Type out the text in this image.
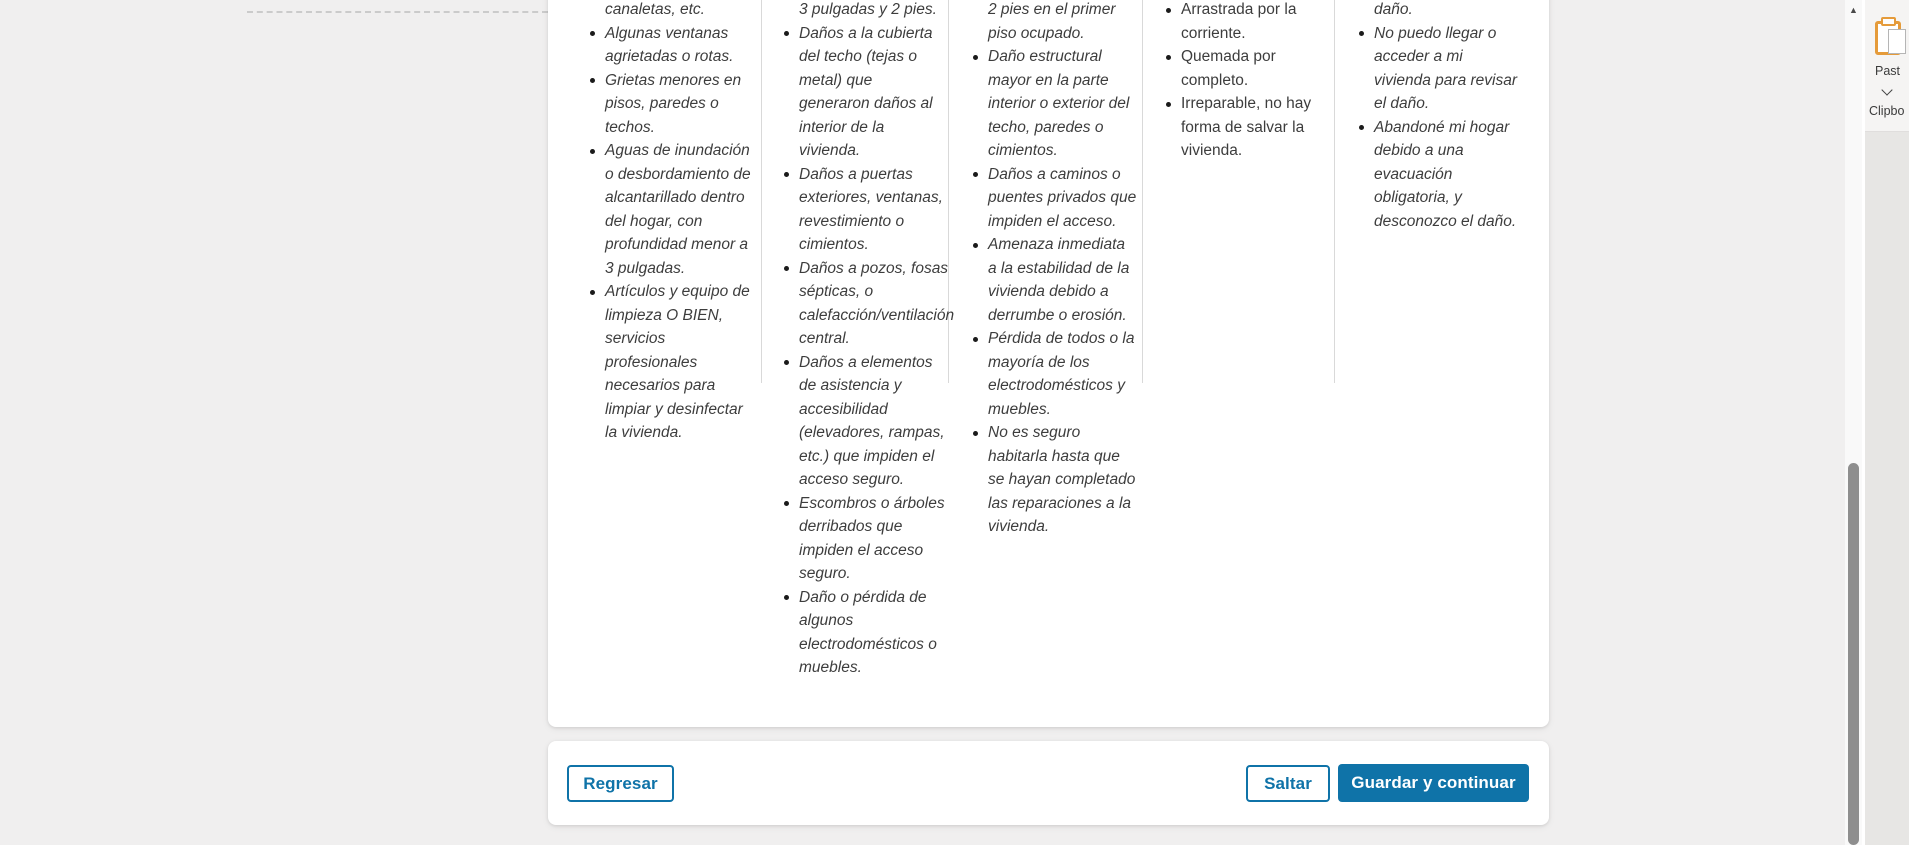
canaletas, etc.
Algunas ventanas
agrietadas o rotas.
Grietas menores en
pisos, paredes o
techos.
Aguas de inundación
o desbordamiento de
alcantarillado dentro
del hogar, con
profundidad menor a
3 pulgadas.
Artículos y equipo de
limpieza O BIEN,
servicios
profesionales
necesarios para
limpiar y desinfectar
la vivienda.
3 pulgadas y 2 pies.
Daños a la cubierta
del techo (tejas o
metal) que
generaron daños al
interior de la
vivienda.
Daños a puertas
exteriores, ventanas,
revestimiento o
cimientos.
Daños a pozos, fosas
sépticas, o
calefacción/ventilación
central.
Daños a elementos
de asistencia y
accesibilidad
(elevadores, rampas,
etc.) que impiden el
acceso seguro.
Escombros o árboles
derribados que
impiden el acceso
seguro.
Daño o pérdida de
algunos
electrodomésticos o
muebles.
2 pies en el primer
piso ocupado.
Daño estructural
mayor en la parte
interior o exterior del
techo, paredes o
cimientos.
Daños a caminos o
puentes privados que
impiden el acceso.
Amenaza inmediata
a la estabilidad de la
vivienda debido a
derrumbe o erosión.
Pérdida de todos o la
mayoría de los
electrodomésticos y
muebles.
No es seguro
habitarla hasta que
se hayan completado
las reparaciones a la
vivienda.
Arrastrada por la
corriente.
Quemada por
completo.
Irreparable, no hay
forma de salvar la
vivienda.
daño.
No puedo llegar o
acceder a mi
vivienda para revisar
el daño.
Abandoné mi hogar
debido a una
evacuación
obligatoria, y
desconozco el daño.
Regresar	Saltar	Guardar y continuar
▲
Past
Clipbo
